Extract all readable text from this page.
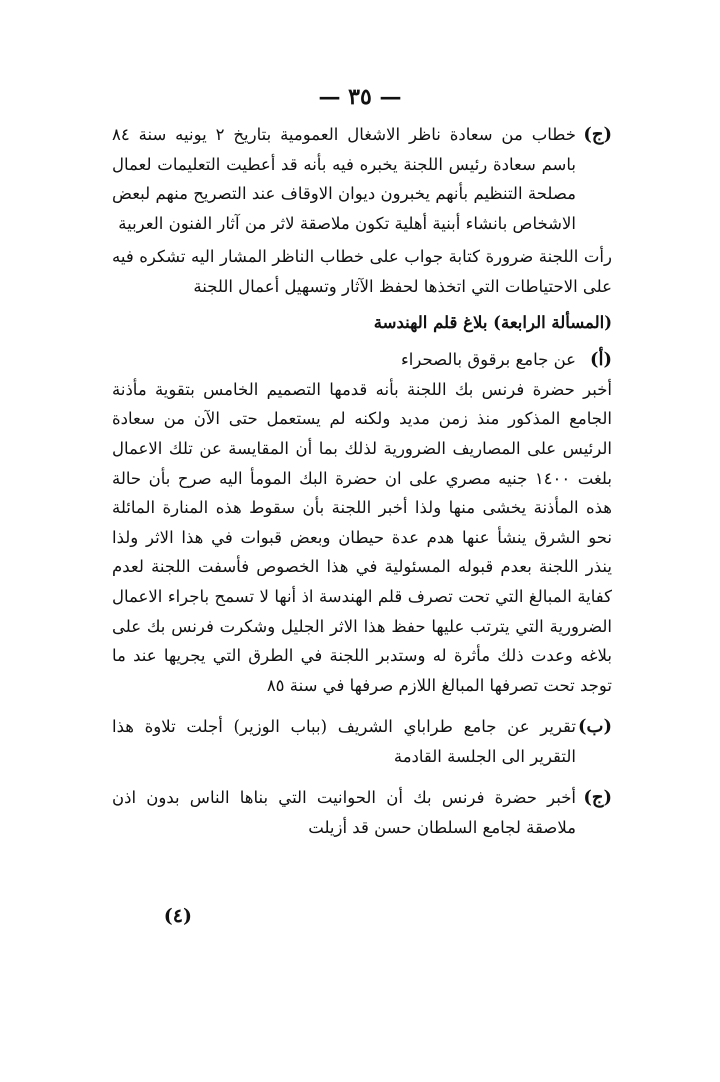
— ٣٥ —
(ج)

خطاب من سعادة ناظر الاشغال العمومية بتاريخ ٢ يونيه سنة ٨٤ باسم سعادة رئيس اللجنة يخبره فيه بأنه قد أعطيت التعليمات لعمال مصلحة التنظيم بأنهم يخبرون ديوان الاوقاف عند التصريح منهم لبعض الاشخاص بانشاء أبنية أهلية تكون ملاصقة لاثر من آثار الفنون العربية

رأت اللجنة ضرورة كتابة جواب على خطاب الناظر المشار اليه تشكره فيه على الاحتياطات التي اتخذها لحفظ الآثار وتسهيل أعمال اللجنة

(المسألة الرابعة) بلاغ قلم الهندسة

(أ)
عن جامع برقوق بالصحراء

أخبر حضرة فرنس بك اللجنة بأنه قدمها التصميم الخامس بتقوية مأذنة الجامع المذكور منذ زمن مديد ولكنه لم يستعمل حتى الآن من سعادة الرئيس على المصاريف الضرورية لذلك بما أن المقايسة عن تلك الاعمال بلغت ١٤٠٠ جنيه مصري على ان حضرة البك المومأ اليه صرح بأن حالة هذه المأذنة يخشى منها ولذا أخبر اللجنة بأن سقوط هذه المنارة المائلة نحو الشرق ينشأ عنها هدم عدة حيطان وبعض قبوات في هذا الاثر ولذا ينذر اللجنة بعدم قبوله المسئولية في هذا الخصوص فأسفت اللجنة لعدم كفاية المبالغ التي تحت تصرف قلم الهندسة اذ أنها لا تسمح باجراء الاعمال الضرورية التي يترتب عليها حفظ هذا الاثر الجليل وشكرت فرنس بك على بلاغه وعدت ذلك مأثرة له وستدبر اللجنة في الطرق التي يجريها عند ما توجد تحت تصرفها المبالغ اللازم صرفها في سنة ٨٥

(ب)

تقرير عن جامع طراباي الشريف (بباب الوزير) أجلت تلاوة هذا التقرير الى الجلسة القادمة

(ج)

أخبر حضرة فرنس بك أن الحوانيت التي بناها الناس بدون اذن ملاصقة لجامع السلطان حسن قد أزيلت

(٤)
